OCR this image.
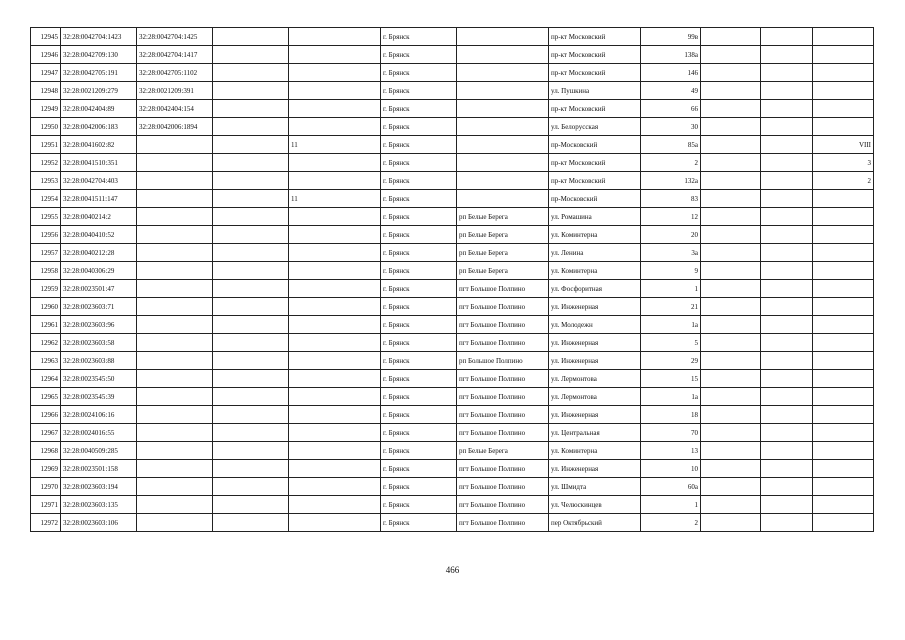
12945	32:28:0042704:1423	32:28:0042704:1425			г. Брянск		пр-кт Московский	99в			
12946	32:28:0042709:130	32:28:0042704:1417			г. Брянск		пр-кт Московский	138а			
12947	32:28:0042705:191	32:28:0042705:1102			г. Брянск		пр-кт Московский	146			
12948	32:28:0021209:279	32:28:0021209:391			г. Брянск		ул. Пушкина	49			
12949	32:28:0042404:89	32:28:0042404:154			г. Брянск		пр-кт Московский	66			
12950	32:28:0042006:183	32:28:0042006:1894			г. Брянск		ул. Белорусская	30			
12951	32:28:0041602:82			11	г. Брянск		пр-Московский	85а			VIII
12952	32:28:0041510:351				г. Брянск		пр-кт Московский	2			3
12953	32:28:0042704:403				г. Брянск		пр-кт Московский	132а			2
12954	32:28:0041511:147			11	г. Брянск		пр-Московский	83			
12955	32:28:0040214:2				г. Брянск	рп Белые Берега	ул. Ромашина	12			
12956	32:28:0040410:52				г. Брянск	рп Белые Берега	ул. Коминтерна	20			
12957	32:28:0040212:28				г. Брянск	рп Белые Берега	ул. Ленина	3а			
12958	32:28:0040306:29				г. Брянск	рп Белые Берега	ул. Коминтерна	9			
12959	32:28:0023501:47				г. Брянск	пгт Большое Полпино	ул. Фосфоритная	1			
12960	32:28:0023603:71				г. Брянск	пгт Большое Полпино	ул. Инженерная	21			
12961	32:28:0023603:96				г. Брянск	пгт Большое Полпино	ул. Молодежн	1а			
12962	32:28:0023603:58				г. Брянск	пгт Большое Полпино	ул. Инженерная	5			
12963	32:28:0023603:88				г. Брянск	рп Большое Полпино	ул. Инженерная	29			
12964	32:28:0023545:50				г. Брянск	пгт Большое Полпино	ул. Лермонтова	15			
12965	32:28:0023545:39				г. Брянск	пгт Большое Полпино	ул. Лермонтова	1а			
12966	32:28:0024106:16				г. Брянск	пгт Большое Полпино	ул. Инженерная	18			
12967	32:28:0024016:55				г. Брянск	пгт Большое Полпино	ул. Центральная	70			
12968	32:28:0040509:285				г. Брянск	рп Белые Берега	ул. Коминтерна	13			
12969	32:28:0023501:158				г. Брянск	пгт Большое Полпино	ул. Инженерная	10			
12970	32:28:0023603:194				г. Брянск	пгт Большое Полпино	ул. Шмидта	60а			
12971	32:28:0023603:135				г. Брянск	пгт Большое Полпино	ул. Челюскинцев	1			
12972	32:28:0023603:106				г. Брянск	пгт Большое Полпино	пер Октябрьский	2			
466
